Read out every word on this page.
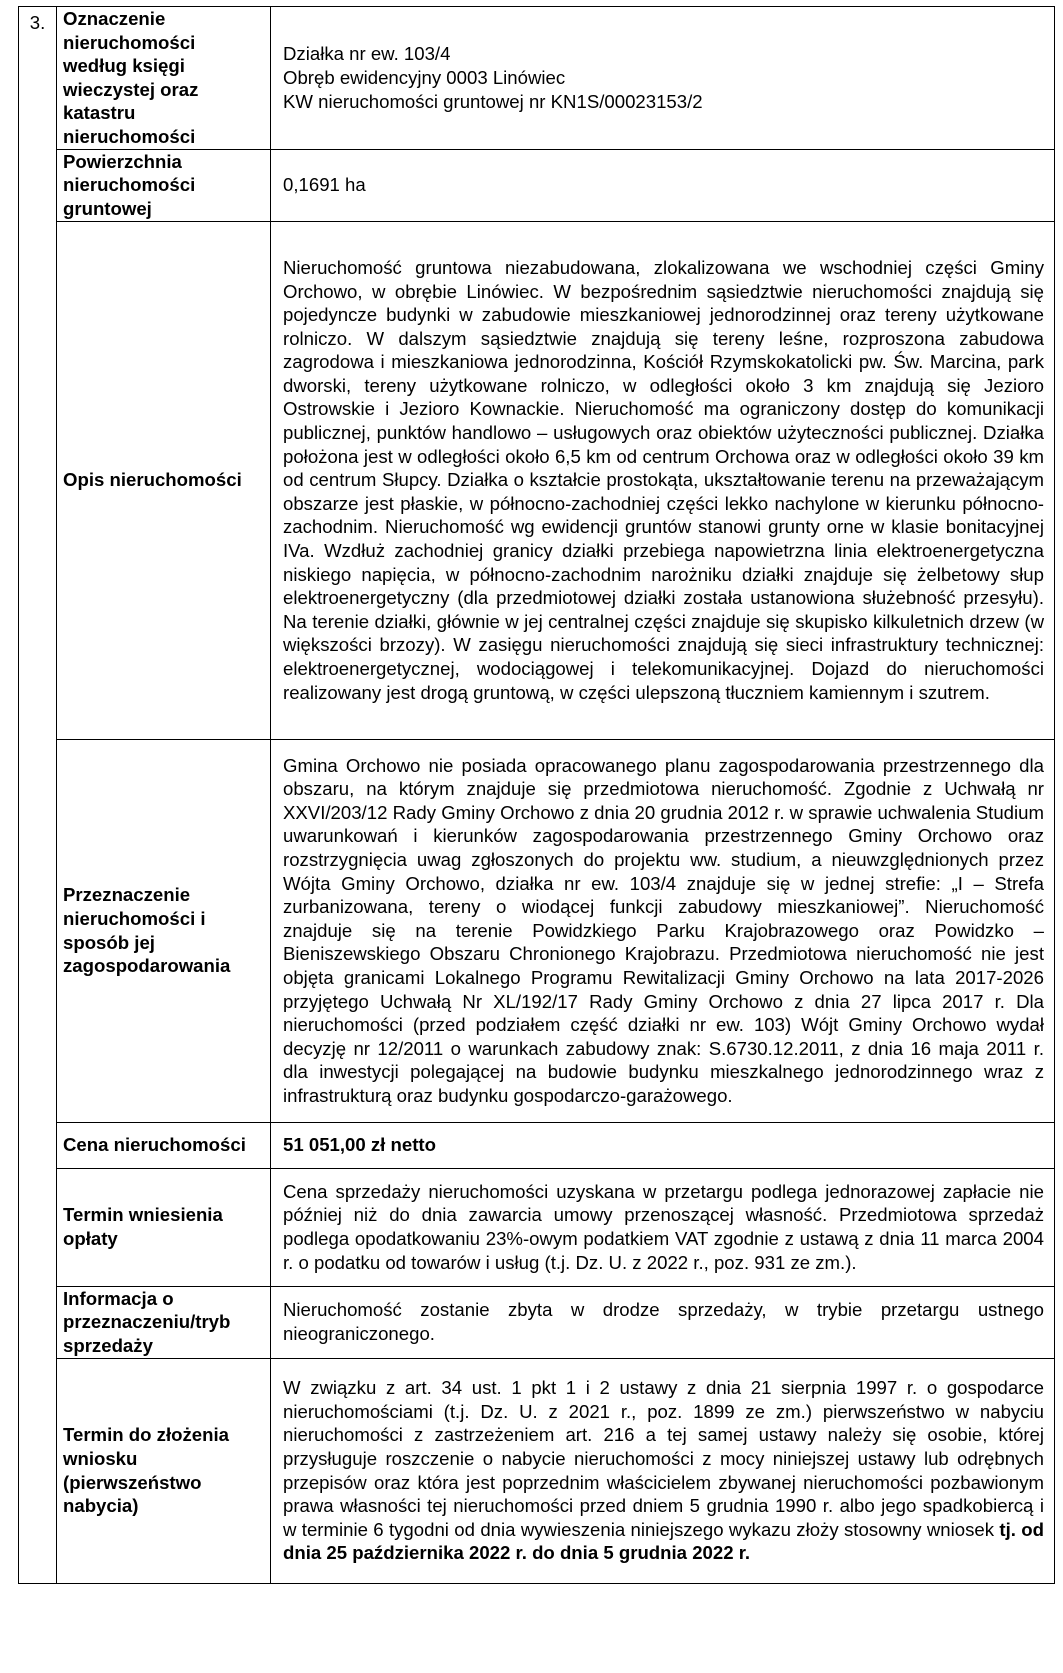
3.	Oznaczenie nieruchomości według księgi wieczystej oraz katastru nieruchomości	Działka nr ew. 103/4
Obręb ewidencyjny 0003 Linówiec
KW nieruchomości gruntowej nr KN1S/00023153/2

	Powierzchnia nieruchomości gruntowej	0,1691 ha
	Opis nieruchomości	Nieruchomość gruntowa niezabudowana, zlokalizowana we wschodniej części Gminy Orchowo, w obrębie Linówiec. W bezpośrednim sąsiedztwie nieruchomości znajdują się pojedyncze budynki w zabudowie mieszkaniowej jednorodzinnej oraz tereny użytkowane rolniczo. W dalszym sąsiedztwie znajdują się tereny leśne, rozproszona zabudowa zagrodowa i mieszkaniowa jednorodzinna, Kościół Rzymskokatolicki pw. Św. Marcina, park dworski, tereny użytkowane rolniczo, w odległości około 3 km znajdują się Jezioro Ostrowskie i Jezioro Kownackie. Nieruchomość ma ograniczony dostęp do komunikacji publicznej, punktów handlowo – usługowych oraz obiektów użyteczności publicznej. Działka położona jest w odległości około 6,5 km od centrum Orchowa oraz w odległości około 39 km od centrum Słupcy. Działka o kształcie prostokąta, ukształtowanie terenu na przeważającym obszarze jest płaskie, w północno-zachodniej części lekko nachylone w kierunku północno-zachodnim. Nieruchomość wg ewidencji gruntów stanowi grunty orne w klasie bonitacyjnej IVa. Wzdłuż zachodniej granicy działki przebiega napowietrzna linia elektroenergetyczna niskiego napięcia, w północno-zachodnim narożniku działki znajduje się żelbetowy słup elektroenergetyczny (dla przedmiotowej działki została ustanowiona służebność przesyłu). Na terenie działki, głównie w jej centralnej części znajduje się skupisko kilkuletnich drzew (w większości brzozy). W zasięgu nieruchomości znajdują się sieci infrastruktury technicznej: elektroenergetycznej, wodociągowej i telekomunikacyjnej. Dojazd do nieruchomości realizowany jest drogą gruntową, w części ulepszoną tłuczniem kamiennym i szutrem.
	Przeznaczenie nieruchomości i sposób jej zagospodarowania	Gmina Orchowo nie posiada opracowanego planu zagospodarowania przestrzennego dla obszaru, na którym znajduje się przedmiotowa nieruchomość. Zgodnie z Uchwałą nr XXVI/203/12 Rady Gminy Orchowo z dnia 20 grudnia 2012 r. w sprawie uchwalenia Studium uwarunkowań i kierunków zagospodarowania przestrzennego Gminy Orchowo oraz rozstrzygnięcia uwag zgłoszonych do projektu ww. studium, a nieuwzględnionych przez Wójta Gminy Orchowo, działka nr ew. 103/4 znajduje się w jednej strefie: „I – Strefa zurbanizowana, tereny o wiodącej funkcji zabudowy mieszkaniowej”. Nieruchomość znajduje się na terenie Powidzkiego Parku Krajobrazowego oraz Powidzko – Bieniszewskiego Obszaru Chronionego Krajobrazu. Przedmiotowa nieruchomość nie jest objęta granicami Lokalnego Programu Rewitalizacji Gminy Orchowo na lata 2017-2026 przyjętego Uchwałą Nr XL/192/17 Rady Gminy Orchowo z dnia 27 lipca 2017 r. Dla nieruchomości (przed podziałem część działki nr ew. 103) Wójt Gminy Orchowo wydał decyzję nr 12/2011 o warunkach zabudowy znak: S.6730.12.2011, z dnia 16 maja 2011 r. dla inwestycji polegającej na budowie budynku mieszkalnego jednorodzinnego wraz z infrastrukturą oraz budynku gospodarczo-garażowego.
	Cena nieruchomości	51 051,00 zł netto
	Termin wniesienia opłaty	Cena sprzedaży nieruchomości uzyskana w przetargu podlega jednorazowej zapłacie nie później niż do dnia zawarcia umowy przenoszącej własność. Przedmiotowa sprzedaż podlega opodatkowaniu 23%-owym podatkiem VAT zgodnie z ustawą z dnia 11 marca 2004 r. o podatku od towarów i usług (t.j. Dz. U. z 2022 r., poz. 931 ze zm.).
	Informacja o przeznaczeniu/tryb sprzedaży	Nieruchomość zostanie zbyta w drodze sprzedaży, w trybie przetargu ustnego nieograniczonego.
	Termin do złożenia wniosku (pierwszeństwo nabycia)	W związku z art. 34 ust. 1 pkt 1 i 2 ustawy z dnia 21 sierpnia 1997 r. o gospodarce nieruchomościami (t.j. Dz. U. z 2021 r., poz. 1899 ze zm.) pierwszeństwo w nabyciu nieruchomości z zastrzeżeniem art. 216 a tej samej ustawy należy się osobie, której przysługuje roszczenie o nabycie nieruchomości z mocy niniejszej ustawy lub odrębnych przepisów oraz która jest poprzednim właścicielem zbywanej nieruchomości pozbawionym prawa własności tej nieruchomości przed dniem 5 grudnia 1990 r. albo jego spadkobiercą i w terminie 6 tygodni od dnia wywieszenia niniejszego wykazu złoży stosowny wniosek tj. od dnia 25 października 2022 r. do dnia 5 grudnia 2022 r.
